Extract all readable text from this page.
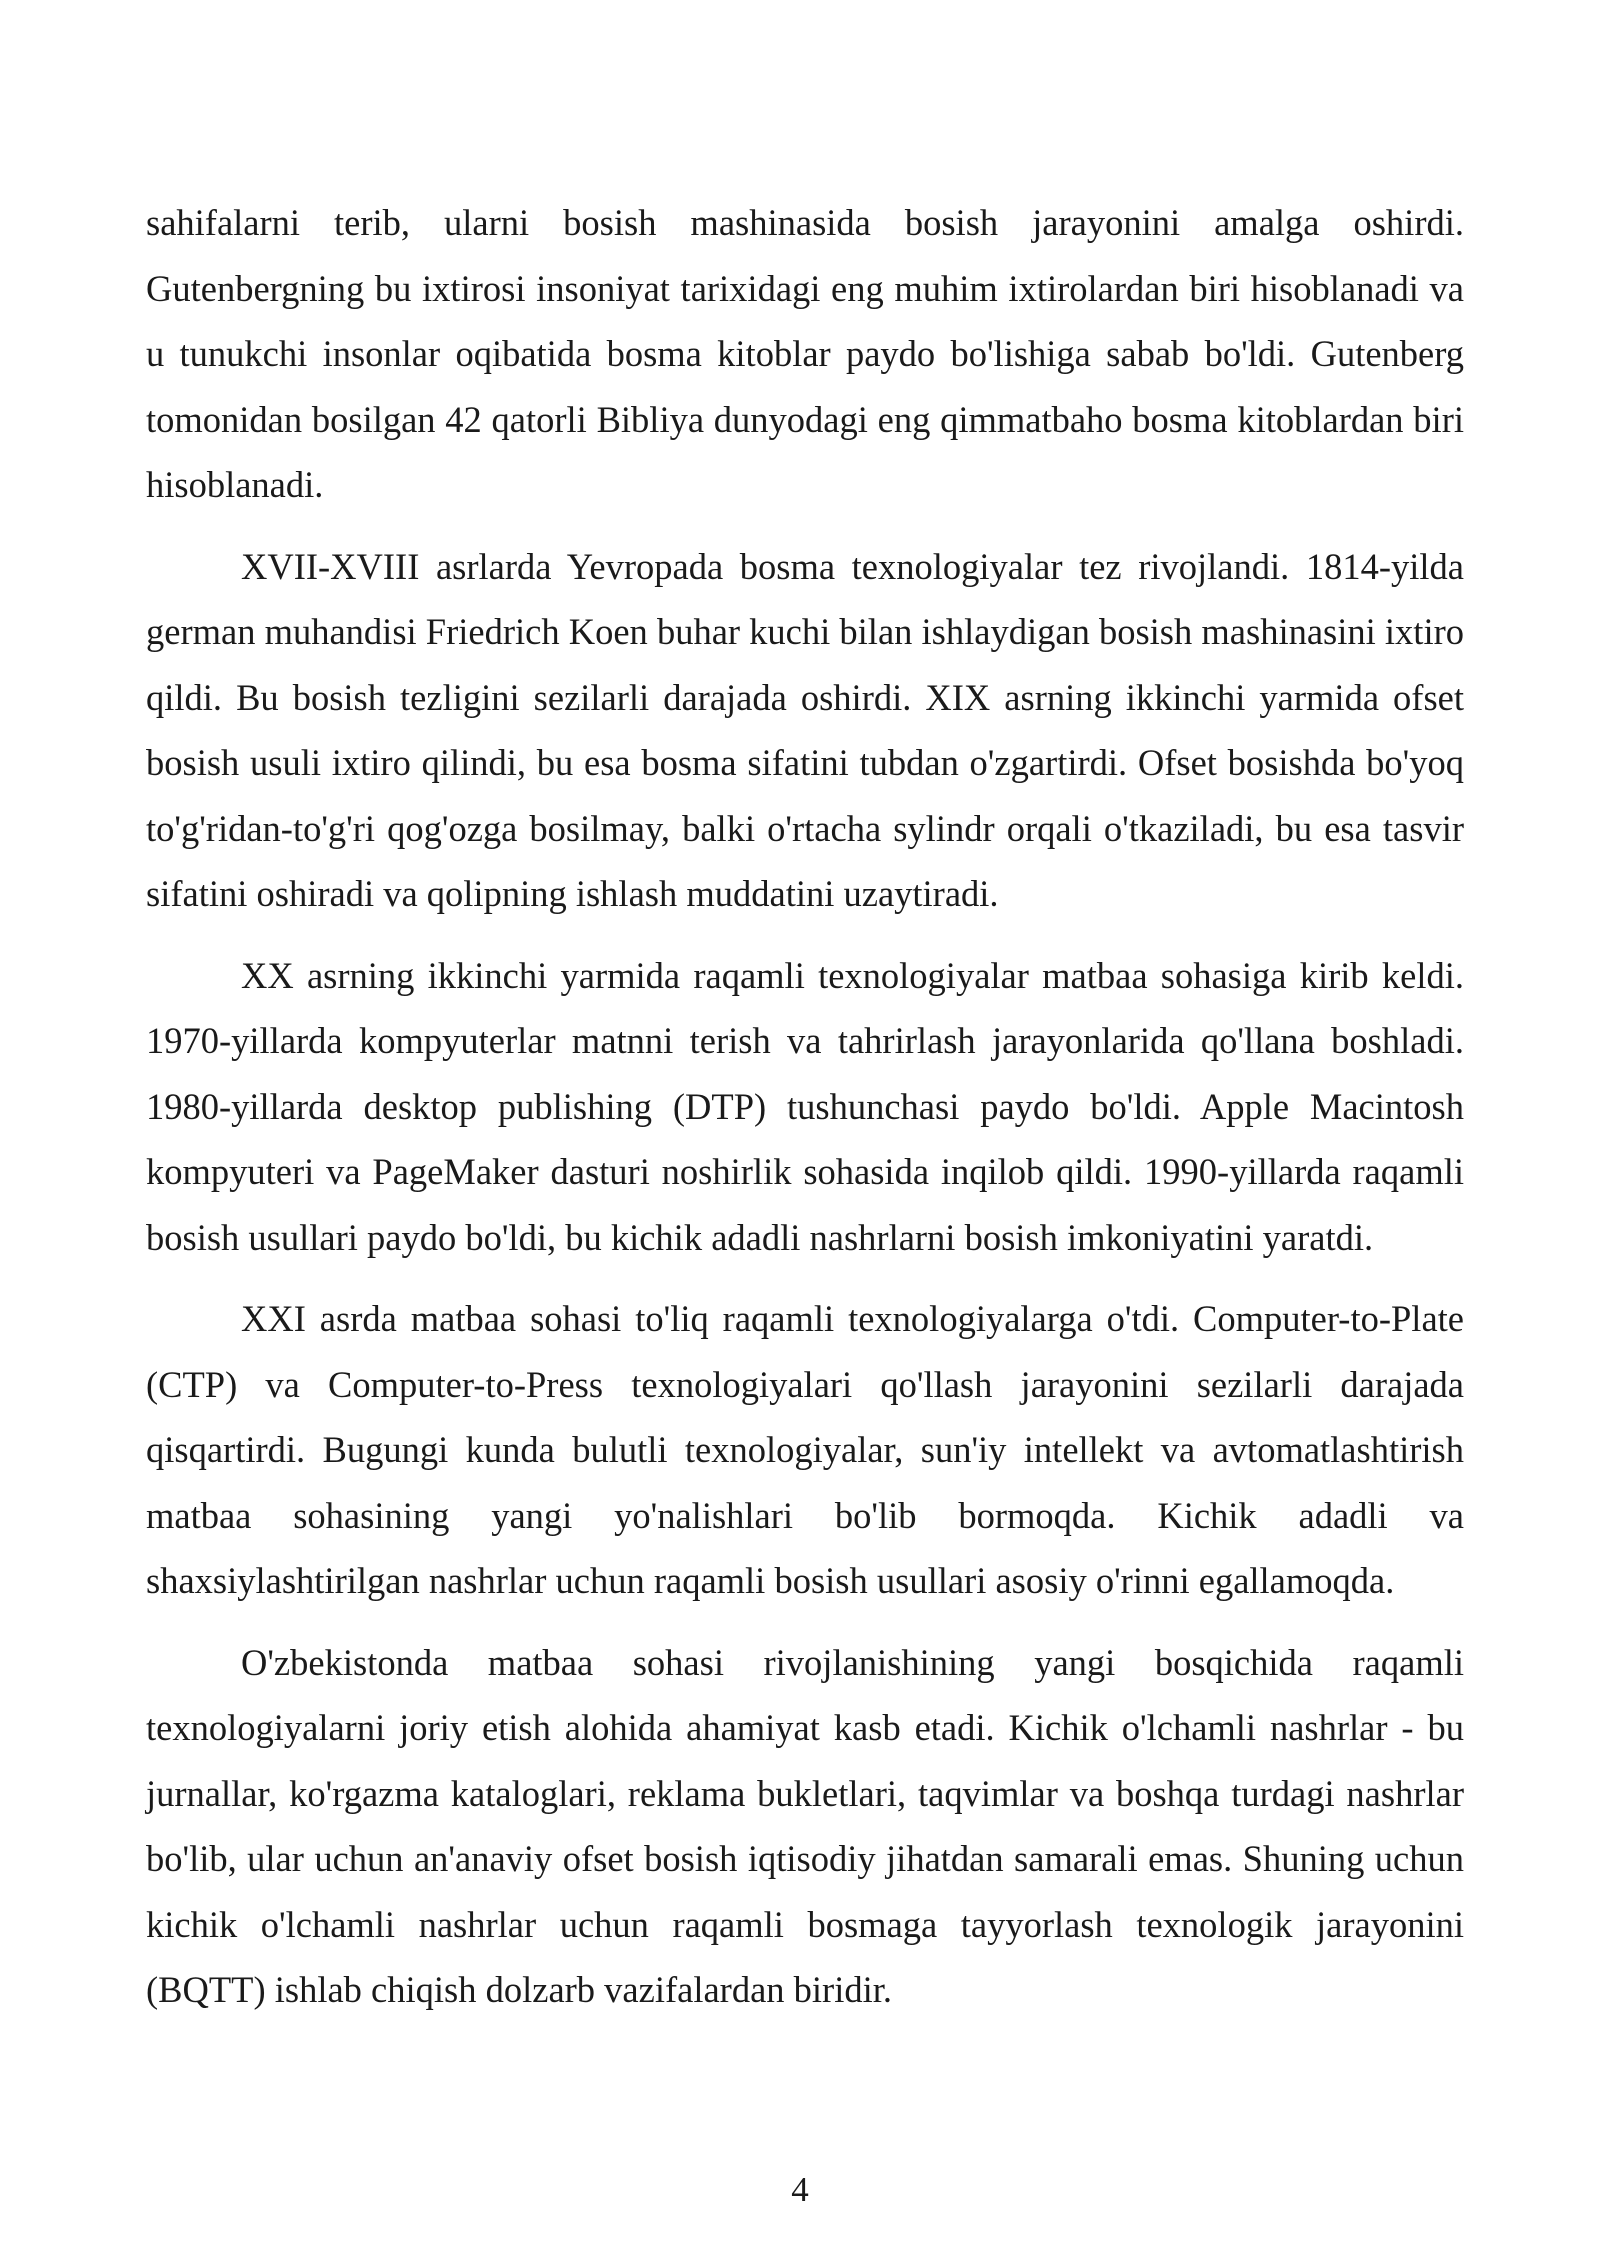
sahifalarni terib, ularni bosish mashinasida bosish jarayonini amalga oshirdi. Gutenbergning bu ixtirosi insoniyat tarixidagi eng muhim ixtirolardan biri hisoblanadi va u tunukchi insonlar oqibatida bosma kitoblar paydo bo'lishiga sabab bo'ldi. Gutenberg tomonidan bosilgan 42 qatorli Bibliya dunyodagi eng qimmatbaho bosma kitoblardan biri hisoblanadi.

XVII-XVIII asrlarda Yevropada bosma texnologiyalar tez rivojlandi. 1814-yilda german muhandisi Friedrich Koen buhar kuchi bilan ishlaydigan bosish mashinasini ixtiro qildi. Bu bosish tezligini sezilarli darajada oshirdi. XIX asrning ikkinchi yarmida ofset bosish usuli ixtiro qilindi, bu esa bosma sifatini tubdan o'zgartirdi. Ofset bosishda bo'yoq to'g'ridan-to'g'ri qog'ozga bosilmay, balki o'rtacha sylindr orqali o'tkaziladi, bu esa tasvir sifatini oshiradi va qolipning ishlash muddatini uzaytiradi.

XX asrning ikkinchi yarmida raqamli texnologiyalar matbaa sohasiga kirib keldi. 1970-yillarda kompyuterlar matnni terish va tahrirlash jarayonlarida qo'llana boshladi. 1980-yillarda desktop publishing (DTP) tushunchasi paydo bo'ldi. Apple Macintosh kompyuteri va PageMaker dasturi noshirlik sohasida inqilob qildi. 1990-yillarda raqamli bosish usullari paydo bo'ldi, bu kichik adadli nashrlarni bosish imkoniyatini yaratdi.

XXI asrda matbaa sohasi to'liq raqamli texnologiyalarga o'tdi. Computer-to-Plate (CTP) va Computer-to-Press texnologiyalari qo'llash jarayonini sezilarli darajada qisqartirdi. Bugungi kunda bulutli texnologiyalar, sun'iy intellekt va avtomatlashtirish matbaa sohasining yangi yo'nalishlari bo'lib bormoqda. Kichik adadli va shaxsiylashtirilgan nashrlar uchun raqamli bosish usullari asosiy o'rinni egallamoqda.

O'zbekistonda matbaa sohasi rivojlanishining yangi bosqichida raqamli texnologiyalarni joriy etish alohida ahamiyat kasb etadi. Kichik o'lchamli nashrlar - bu jurnallar, ko'rgazma kataloglari, reklama bukletlari, taqvimlar va boshqa turdagi nashrlar bo'lib, ular uchun an'anaviy ofset bosish iqtisodiy jihatdan samarali emas. Shuning uchun kichik o'lchamli nashrlar uchun raqamli bosmaga tayyorlash texnologik jarayonini (BQTT) ishlab chiqish dolzarb vazifalardan biridir.

4
